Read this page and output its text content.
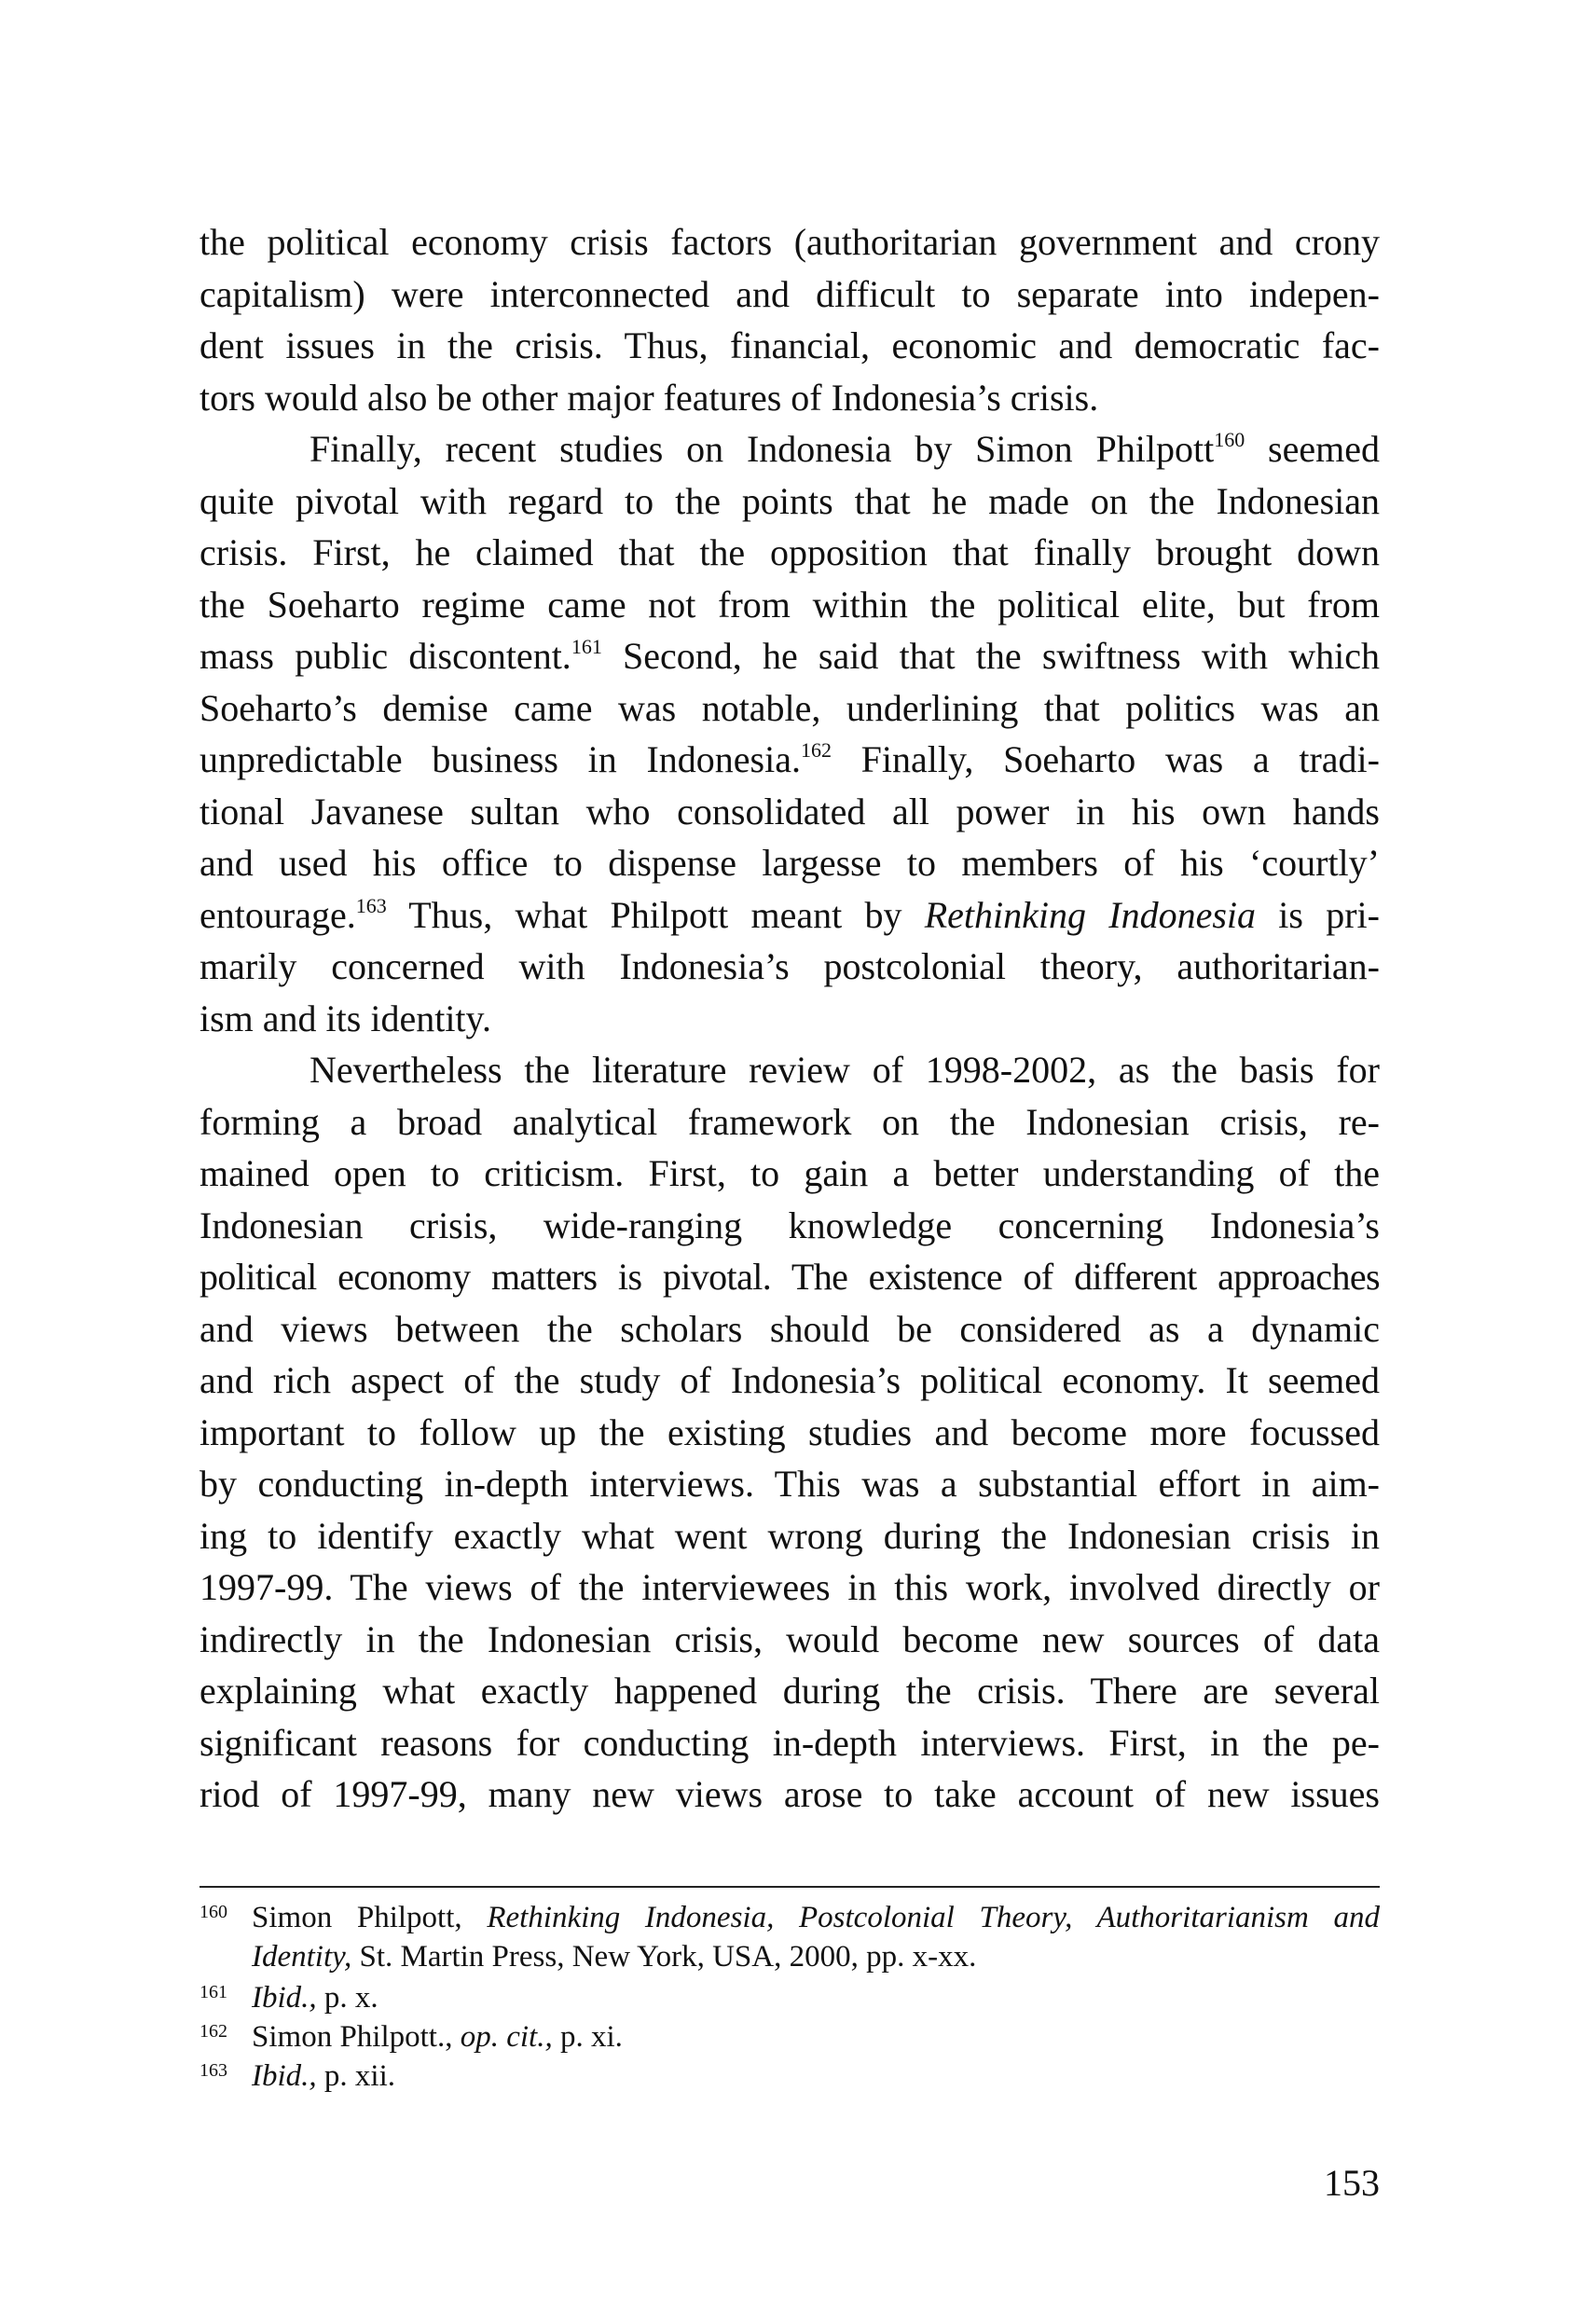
the political economy crisis factors (authoritarian government and crony
capitalism) were interconnected and difficult to separate into indepen-
dent issues in the crisis. Thus, financial, economic and democratic fac-
tors would also be other major features of Indonesia’s crisis.
Finally, recent studies on Indonesia by Simon Philpott$^{160}$ seemed
quite pivotal with regard to the points that he made on the Indonesian
crisis. First, he claimed that the opposition that finally brought down
the Soeharto regime came not from within the political elite, but from
mass public discontent.$^{161}$ Second, he said that the swiftness with which
Soeharto’s demise came was notable, underlining that politics was an
unpredictable business in Indonesia.$^{162}$ Finally, Soeharto was a tradi-
tional Javanese sultan who consolidated all power in his own hands
and used his office to dispense largesse to members of his ‘courtly’
entourage.$^{163}$ Thus, what Philpott meant by Rethinking Indonesia is pri-
marily concerned with Indonesia’s postcolonial theory, authoritarian-
ism and its identity.
Nevertheless the literature review of 1998-2002, as the basis for
forming a broad analytical framework on the Indonesian crisis, re-
mained open to criticism. First, to gain a better understanding of the
Indonesian crisis, wide-ranging knowledge concerning Indonesia’s
political economy matters is pivotal. The existence of different approaches
and views between the scholars should be considered as a dynamic
and rich aspect of the study of Indonesia’s political economy. It seemed
important to follow up the existing studies and become more focussed
by conducting in-depth interviews. This was a substantial effort in aim-
ing to identify exactly what went wrong during the Indonesian crisis in
1997-99. The views of the interviewees in this work, involved directly or
indirectly in the Indonesian crisis, would become new sources of data
explaining what exactly happened during the crisis. There are several
significant reasons for conducting in-depth interviews. First, in the pe-
riod of 1997-99, many new views arose to take account of new issues
160 Simon Philpott, Rethinking Indonesia, Postcolonial Theory, Authoritarianism and
Identity, St. Martin Press, New York, USA, 2000, pp. x-xx.
161 Ibid., p. x.
162 Simon Philpott., op. cit., p. xi.
163 Ibid., p. xii.
153
